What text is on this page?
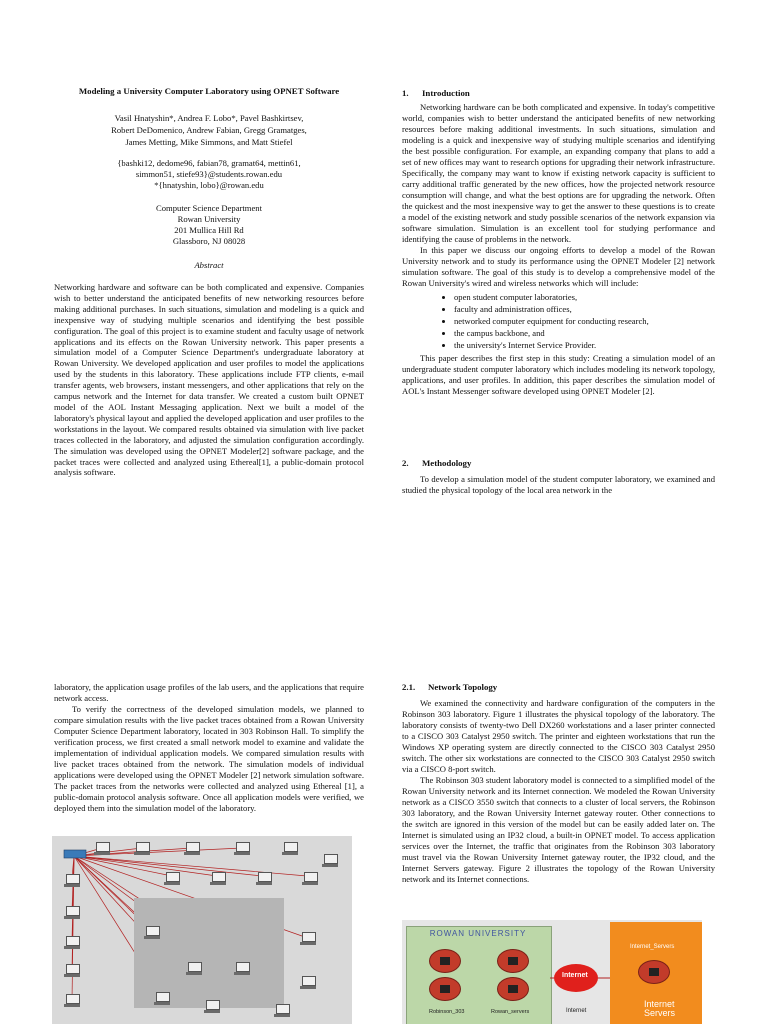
Modeling a University Computer Laboratory using OPNET Software
Vasil Hnatyshin*, Andrea F. Lobo*, Pavel Bashkirtsev,
Robert DeDomenico, Andrew Fabian, Gregg Gramatges,
James Metting, Mike Simmons, and Matt Stiefel
{bashki12, dedome96, fabian78, gramat64, mettin61,
simmon51, stiefe93}@students.rowan.edu
*{hnatyshin, lobo}@rowan.edu
Computer Science Department
Rowan University
201 Mullica Hill Rd
Glassboro, NJ 08028
Abstract
Networking hardware and software can be both complicated and expensive. Companies wish to better understand the anticipated benefits of new networking resources before making additional purchases. In such situations, simulation and modeling is a quick and inexpensive way of studying multiple scenarios and identifying the best possible configuration. The goal of this project is to examine student and faculty usage of network applications and its effects on the Rowan University network. This paper presents a simulation model of a Computer Science Department's undergraduate laboratory at Rowan University. We developed application and user profiles to model the applications used by the students in this laboratory. These applications include FTP clients, e-mail transfer agents, web browsers, instant messengers, and other applications that rely on the campus network and the Internet for data transfer. We created a custom built OPNET model of the AOL Instant Messaging application. Next we built a model of the laboratory's physical layout and applied the developed application and user profiles to the workstations in the layout. We compared results obtained via simulation with live packet traces collected in the laboratory, and adjusted the simulation configuration accordingly. The simulation was developed using the OPNET Modeler[2] software package, and the packet traces were collected and analyzed using Ethereal[1], a public-domain protocol analysis software.
1. Introduction

Networking hardware can be both complicated and expensive. In today's competitive world, companies wish to better understand the anticipated benefits of new networking resources before making additional investments. In such situations, simulation and modeling is a quick and inexpensive way of studying multiple scenarios and identifying the best possible configuration. For example, an expanding company that plans to add a set of new offices may want to research options for upgrading their network infrastructure. Specifically, the company may want to know if existing network capacity is sufficient to carry additional traffic generated by the new offices, how the projected network resource consumption will change, and what the best options are for upgrading the network. Often the quickest and the most inexpensive way to get the answer to these questions is to create a model of the existing network and study possible scenarios of the network expansion via software simulation. Simulation is an excellent tool for studying performance and identifying the cause of problems in the network.

In this paper we discuss our ongoing efforts to develop a model of the Rowan University network and to study its performance using the OPNET Modeler [2] network simulation software. The goal of this study is to develop a comprehensive model of the Rowan University's wired and wireless networks which will include:

• open student computer laboratories,
• faculty and administration offices,
• networked computer equipment for conducting research,
• the campus backbone, and
• the university's Internet Service Provider.

This paper describes the first step in this study: Creating a simulation model of an undergraduate student computer laboratory which includes modeling its network topology, applications, and user profiles. In addition, this paper describes the simulation model of AOL's Instant Messenger software developed using OPNET Modeler [2].

2. Methodology

To develop a simulation model of the student computer laboratory, we examined and studied the physical topology of the local area network in the

laboratory, the application usage profiles of the lab users, and the applications that require network access.

To verify the correctness of the developed simulation models, we planned to compare simulation results with the live packet traces obtained from a Rowan University Computer Science Department laboratory, located in 303 Robinson Hall. To simplify the verification process, we first created a small network model to examine and validate the implementation of individual application models. We compared simulation results with live packet traces obtained from the network. The simulation models of individual applications were developed using the OPNET Modeler [2] network simulation software. The packet traces from the networks were collected and analyzed using Ethereal [1], a public-domain protocol analysis software. Once all application models were verified, we deployed them into the simulation model of the laboratory.

2.1. Network Topology

We examined the connectivity and hardware configuration of the computers in the Robinson 303 laboratory. Figure 1 illustrates the physical topology of the laboratory. The laboratory consists of twenty-two Dell DX260 workstations and a laser printer connected to a CISCO 303 Catalyst 2950 switch. The printer and eighteen workstations that run the Windows XP operating system are directly connected to the CISCO 303 Catalyst 2950 switch. The other six workstations are connected to the CISCO 303 Catalyst 2950 switch via a CISCO 8-port switch.

The Robinson 303 student laboratory model is connected to a simplified model of the Rowan University network and its Internet connection. We modeled the Rowan University network as a CISCO 3550 switch that connects to a cluster of local servers, the Robinson 303 laboratory, and the Rowan University Internet gateway router. Other connections to the switch are ignored in this version of the model but can be easily added later on. The Internet is simulated using an IP32 cloud, a built-in OPNET model. To access application services over the Internet, the traffic that originates from the Robinson 303 laboratory must travel via the Rowan University Internet gateway router, the IP32 cloud, and the Internet Servers gateway. Figure 2 illustrates the topology of the Rowan University network and its Internet connections.

ROWAN UNIVERSITY
Robinson_303	Rowan_servers
Internet
Internet
Internet_Servers
Internet Servers
